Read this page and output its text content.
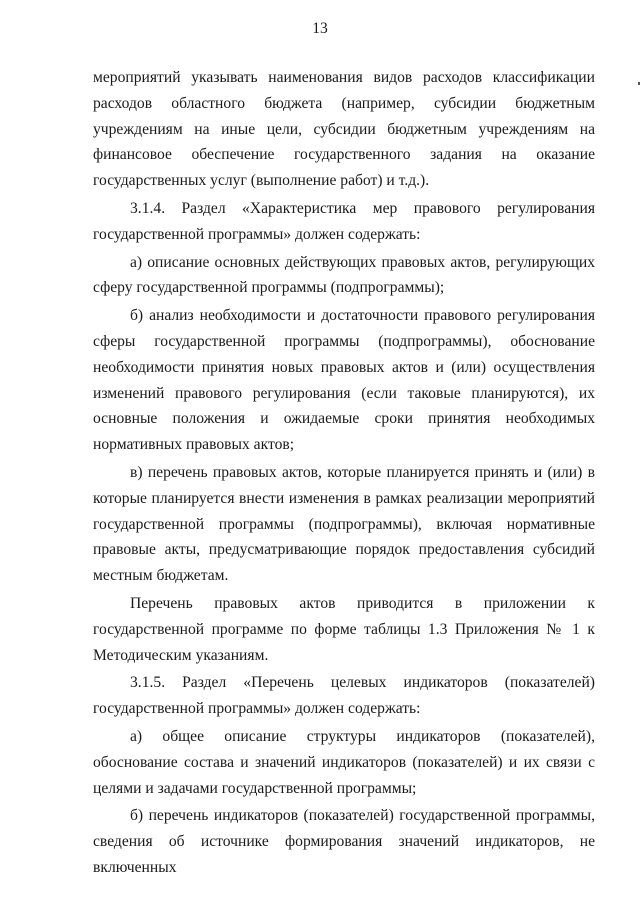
13

мероприятий указывать наименования видов расходов классификации расходов областного бюджета (например, субсидии бюджетным учреждениям на иные цели, субсидии бюджетным учреждениям на финансовое обеспечение государственного задания на оказание государственных услуг (выполнение работ) и т.д.).

3.1.4. Раздел «Характеристика мер правового регулирования государственной программы» должен содержать:

а) описание основных действующих правовых актов, регулирующих сферу государственной программы (подпрограммы);

б) анализ необходимости и достаточности правового регулирования сферы государственной программы (подпрограммы), обоснование необходимости принятия новых правовых актов и (или) осуществления изменений правового регулирования (если таковые планируются), их основные положения и ожидаемые сроки принятия необходимых нормативных правовых актов;

в) перечень правовых актов, которые планируется принять и (или) в которые планируется внести изменения в рамках реализации мероприятий государственной программы (подпрограммы), включая нормативные правовые акты, предусматривающие порядок предоставления субсидий местным бюджетам.

Перечень правовых актов приводится в приложении к государственной программе по форме таблицы 1.3 Приложения № 1 к Методическим указаниям.

3.1.5. Раздел «Перечень целевых индикаторов (показателей) государственной программы» должен содержать:

а) общее описание структуры индикаторов (показателей), обоснование состава и значений индикаторов (показателей) и их связи с целями и задачами государственной программы;

б) перечень индикаторов (показателей) государственной программы, сведения об источнике формирования значений индикаторов, не включенных
